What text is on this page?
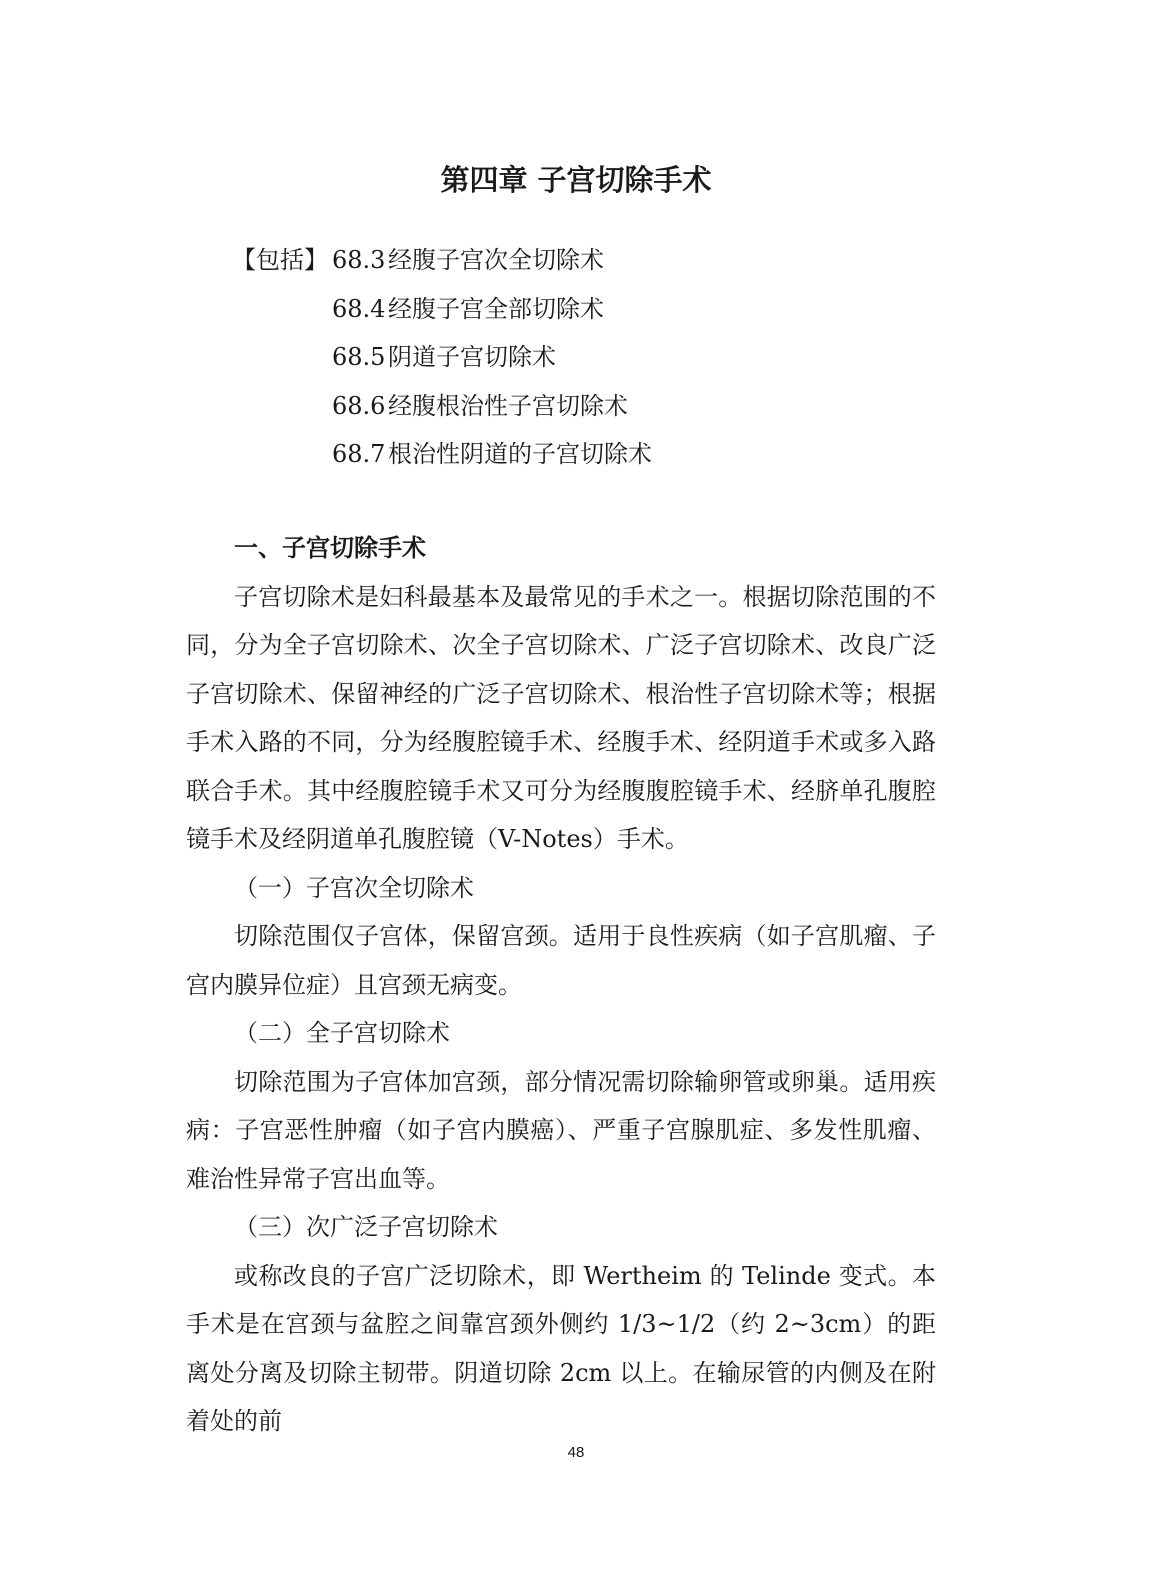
第四章 子宫切除手术
【包括】 68.3 经腹子宫次全切除术
68.4 经腹子宫全部切除术
68.5 阴道子宫切除术
68.6 经腹根治性子宫切除术
68.7 根治性阴道的子宫切除术

一、子宫切除手术

子宫切除术是妇科最基本及最常见的手术之一。根据切除范围的不同，分为全子宫切除术、次全子宫切除术、广泛子宫切除术、改良广泛子宫切除术、保留神经的广泛子宫切除术、根治性子宫切除术等；根据手术入路的不同，分为经腹腔镜手术、经腹手术、经阴道手术或多入路联合手术。其中经腹腔镜手术又可分为经腹腹腔镜手术、经脐单孔腹腔镜手术及经阴道单孔腹腔镜（V-Notes）手术。

（一）子宫次全切除术

切除范围仅子宫体，保留宫颈。适用于良性疾病（如子宫肌瘤、子宫内膜异位症）且宫颈无病变。

（二）全子宫切除术

切除范围为子宫体加宫颈，部分情况需切除输卵管或卵巢。适用疾病：子宫恶性肿瘤（如子宫内膜癌）、严重子宫腺肌症、多发性肌瘤、难治性异常子宫出血等。

（三）次广泛子宫切除术

或称改良的子宫广泛切除术，即 Wertheim 的 Telinde 变式。本手术是在宫颈与盆腔之间靠宫颈外侧约 1/3~1/2（约 2~3cm）的距离处分离及切除主韧带。阴道切除 2cm 以上。在输尿管的内侧及在附着处的前

48
